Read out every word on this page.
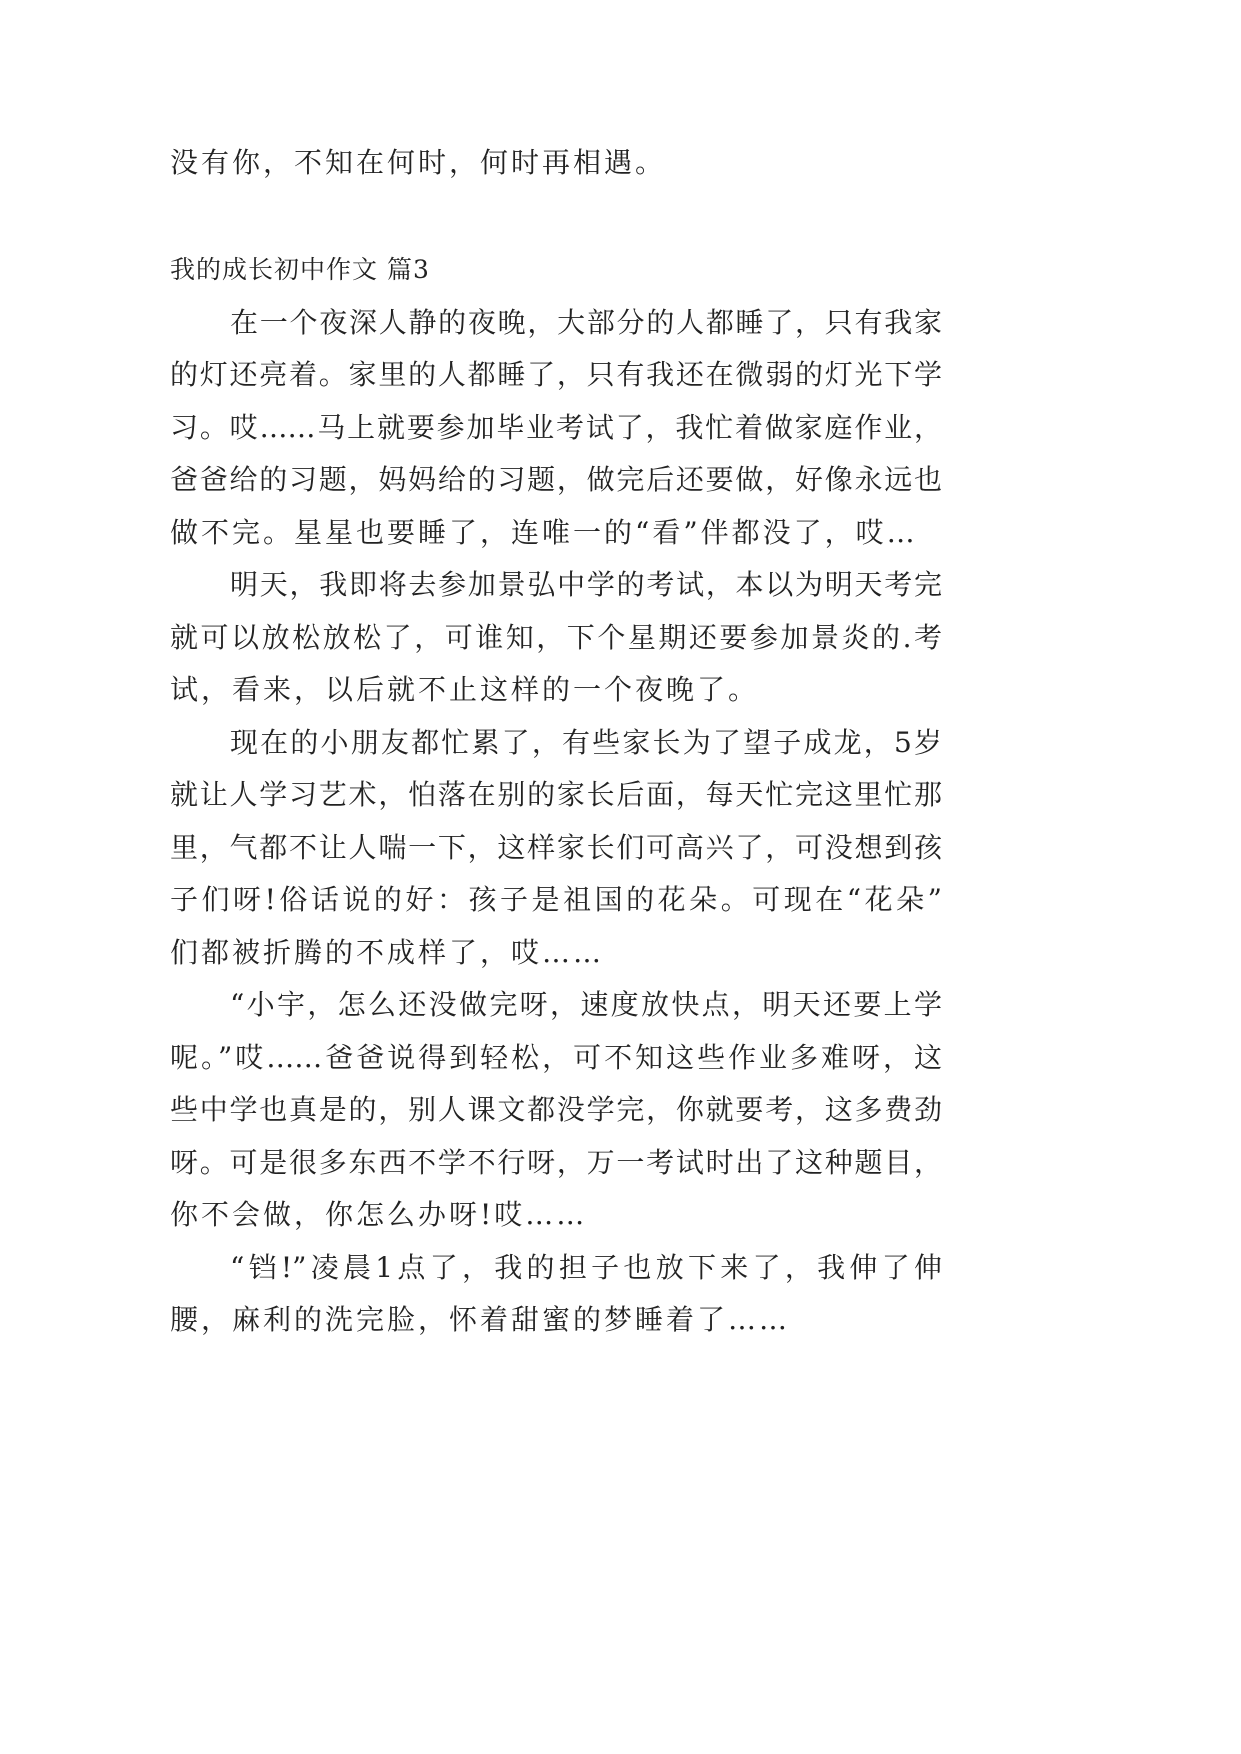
没有你，不知在何时，何时再相遇。
我的成长初中作文 篇3
在一个夜深人静的夜晚，大部分的人都睡了，只有我家
的灯还亮着。家里的人都睡了，只有我还在微弱的灯光下学
习。哎……马上就要参加毕业考试了，我忙着做家庭作业，
爸爸给的习题，妈妈给的习题，做完后还要做，好像永远也
做不完。星星也要睡了，连唯一的“看”伴都没了，哎…
明天，我即将去参加景弘中学的考试，本以为明天考完
就可以放松放松了，可谁知，下个星期还要参加景炎的.考
试，看来，以后就不止这样的一个夜晚了。
现在的小朋友都忙累了，有些家长为了望子成龙，5岁
就让人学习艺术，怕落在别的家长后面，每天忙完这里忙那
里，气都不让人喘一下，这样家长们可高兴了，可没想到孩
子们呀!俗话说的好：孩子是祖国的花朵。可现在“花朵”
们都被折腾的不成样了，哎……
“小宇，怎么还没做完呀，速度放快点，明天还要上学
呢。”哎……爸爸说得到轻松，可不知这些作业多难呀，这
些中学也真是的，别人课文都没学完，你就要考，这多费劲
呀。可是很多东西不学不行呀，万一考试时出了这种题目，
你不会做，你怎么办呀!哎……
“铛!”凌晨1点了，我的担子也放下来了，我伸了伸
腰，麻利的洗完脸，怀着甜蜜的梦睡着了……
